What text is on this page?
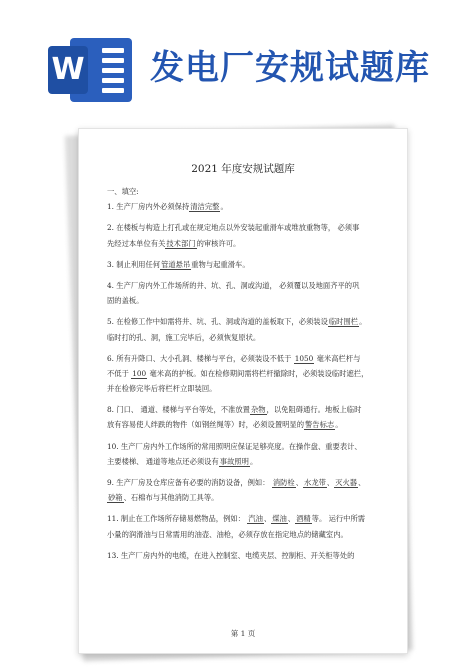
W 发电厂安规试题库
2021 年度安规试题库
一、填空:
1. 生产厂房内外必须保持清洁完整。
2. 在楼板与构造上打孔或在规定地点以外安装起重滑车或堆放重物等， 必须事
先经过本单位有关技术部门的审核许可。
3. 制止利用任何管道悬吊重物与起重滑车。
4. 生产厂房内外工作场所的井、坑、孔、洞或沟道， 必须覆以及地面齐平的巩
固的盖板。
5. 在检修工作中如需将井、坑、孔、洞或沟道的盖板取下，必须装设临时围栏。
临时打的孔、洞，施工完毕后，必须恢复原状。
6. 所有升降口、大小孔洞、楼梯与平台，必须装设不低于 1050 毫米高栏杆与
不低于 100 毫米高的护板。如在检修期间需将栏杆撤除时，必须装设临时遮拦，
并在检修完毕后将栏杆立即装回。
8. 门口、 通道、楼梯与平台等处，不准放置杂物，以免阻碍通行。地板上临时
放有容易使人绊跌的物件（如钢丝绳等）时，必须设置明显的警告标志。
10. 生产厂房内外工作场所的常用照明应保证足够亮度。在操作盘、重要表计、
主要楼梯、 通道等地点还必须设有事故照明。
9. 生产厂房及仓库应备有必要的消防设备，例如： 消防栓、水龙带、灭火器、
砂箱、石棉布与其他消防工具等。
11. 制止在工作场所存储易燃物品，例如： 汽油、煤油、酒精等。 运行中所需
小量的润滑油与日常需用的油壶、油枪，必须存放在指定地点的储藏室内。
13. 生产厂房内外的电缆，在进入控制室、电缆夹层、控制柜、开关柜等处的
第 1 页
